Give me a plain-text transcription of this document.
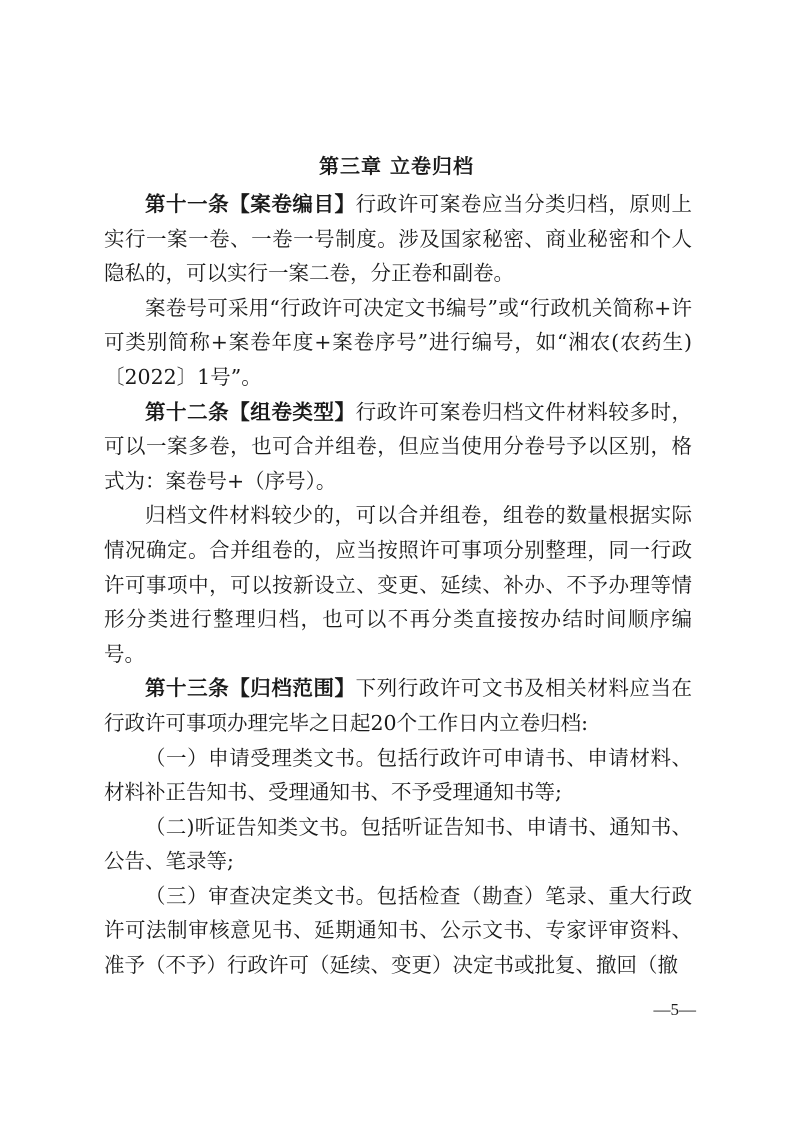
第三章 立卷归档

第十一条【案卷编目】行政许可案卷应当分类归档，原则上实行一案一卷、一卷一号制度。涉及国家秘密、商业秘密和个人隐私的，可以实行一案二卷，分正卷和副卷。

案卷号可采用“行政许可决定文书编号”或“行政机关简称+许可类别简称+案卷年度+案卷序号”进行编号，如“湘农(农药生)〔2022〕1号”。

第十二条【组卷类型】行政许可案卷归档文件材料较多时，可以一案多卷，也可合并组卷，但应当使用分卷号予以区别，格式为：案卷号+（序号）。

归档文件材料较少的，可以合并组卷，组卷的数量根据实际情况确定。合并组卷的，应当按照许可事项分别整理，同一行政许可事项中，可以按新设立、变更、延续、补办、不予办理等情形分类进行整理归档，也可以不再分类直接按办结时间顺序编号。

第十三条【归档范围】下列行政许可文书及相关材料应当在行政许可事项办理完毕之日起20个工作日内立卷归档:

（一）申请受理类文书。包括行政许可申请书、申请材料、材料补正告知书、受理通知书、不予受理通知书等;

（二)听证告知类文书。包括听证告知书、申请书、通知书、公告、笔录等;

（三）审查决定类文书。包括检查（勘查）笔录、重大行政许可法制审核意见书、延期通知书、公示文书、专家评审资料、准予（不予）行政许可（延续、变更）决定书或批复、撤回（撤

—5—
